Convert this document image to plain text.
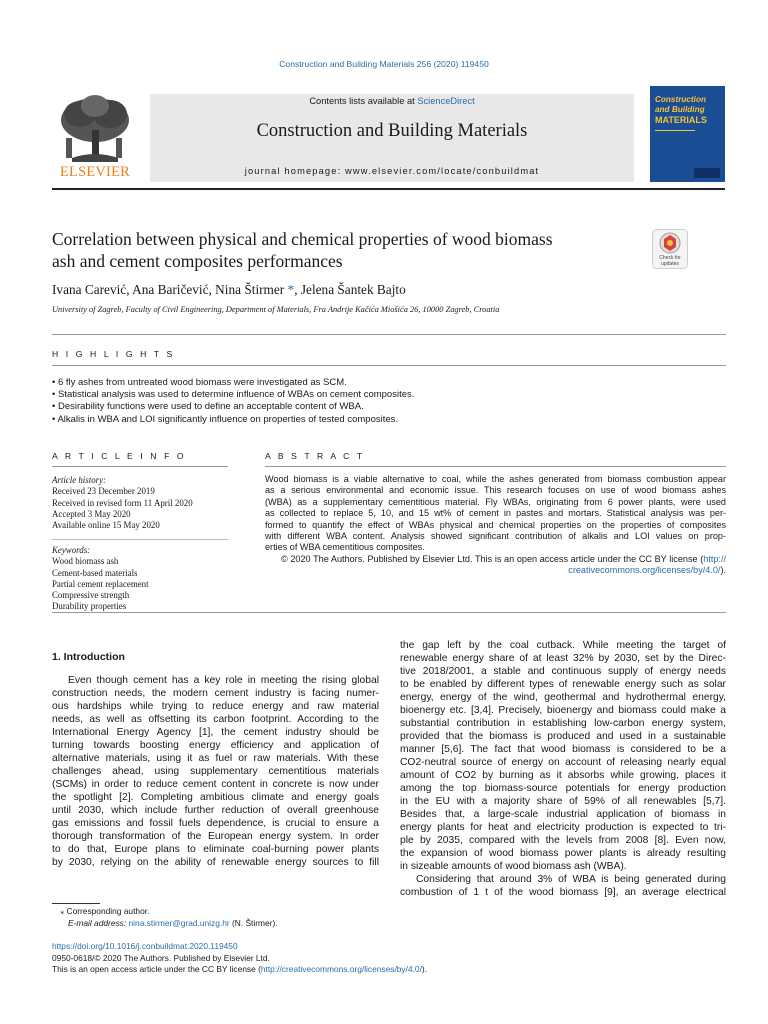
Construction and Building Materials 256 (2020) 119450
ELSEVIER
Contents lists available at ScienceDirect
Construction and Building Materials
journal homepage: www.elsevier.com/locate/conbuildmat
Construction
and Building
MATERIALS
Correlation between physical and chemical properties of wood biomass
ash and cement composites performances	Check for
updates
Ivana Carević, Ana Baričević, Nina Štirmer *, Jelena Šantek Bajto
University of Zagreb, Faculty of Civil Engineering, Department of Materials, Fra Andrije Kačića Miošića 26, 10000 Zagreb, Croatia
H I G H L I G H T S
• 6 fly ashes from untreated wood biomass were investigated as SCM.
• Statistical analysis was used to determine influence of WBAs on cement composites.
• Desirability functions were used to define an acceptable content of WBA.
• Alkalis in WBA and LOI significantly influence on properties of tested composites.
A R T I C L E I N F O	A B S T R A C T
Article history:
Received 23 December 2019
Received in revised form 11 April 2020
Accepted 3 May 2020
Available online 15 May 2020
Keywords:
Wood biomass ash
Cement-based materials
Partial cement replacement
Compressive strength
Durability properties
Wood biomass is a viable alternative to coal, while the ashes generated from biomass combustion appear
as a serious environmental and economic issue. This research focuses on use of wood biomass ashes
(WBA) as a supplementary cementitious material. Fly WBAs, originating from 6 power plants, were used
as collected to replace 5, 10, and 15 wt% of cement in pastes and mortars. Statistical analysis was per-
formed to quantify the effect of WBAs physical and chemical properties on the properties of composites
with different WBA content. Analysis showed significant contribution of alkalis and LOI values on prop-
erties of WBA cementitious composites.
© 2020 The Authors. Published by Elsevier Ltd. This is an open access article under the CC BY license (http://
creativecommons.org/licenses/by/4.0/).
1. Introduction
Even though cement has a key role in meeting the rising global
construction needs, the modern cement industry is facing numer-
ous hardships while trying to reduce energy and raw material
needs, as well as offsetting its carbon footprint. According to the
International Energy Agency [1], the cement industry should be
turning towards boosting energy efficiency and application of
alternative materials, using it as fuel or raw materials. With these
challenges ahead, using supplementary cementitious materials
(SCMs) in order to reduce cement content in concrete is now under
the spotlight [2]. Completing ambitious climate and energy goals
until 2030, which include further reduction of overall greenhouse
gas emissions and fossil fuels dependence, is crucial to ensure a
thorough transformation of the European energy system. In order
to do that, Europe plans to eliminate coal-burning power plants
by 2030, relying on the ability of renewable energy sources to fill
the gap left by the coal cutback. While meeting the target of
renewable energy share of at least 32% by 2030, set by the Direc-
tive 2018/2001, a stable and continuous supply of energy needs
to be enabled by different types of renewable energy such as solar
energy, energy of the wind, geothermal and hydrothermal energy,
bioenergy etc. [3,4]. Precisely, bioenergy and biomass could make a
substantial contribution in establishing low-carbon energy system,
provided that the biomass is produced and used in a sustainable
manner [5,6]. The fact that wood biomass is considered to be a
CO2-neutral source of energy on account of releasing nearly equal
amount of CO2 by burning as it absorbs while growing, places it
among the top biomass-source potentials for energy production
in the EU with a majority share of 59% of all renewables [5,7].
Besides that, a large-scale industrial application of biomass in
energy plants for heat and electricity production is expected to tri-
ple by 2035, compared with the levels from 2008 [8]. Even now,
the expansion of wood biomass power plants is already resulting
in sizeable amounts of wood biomass ash (WBA).
Considering that around 3% of WBA is being generated during
combustion of 1 t of the wood biomass [9], an average electrical
⁎ Corresponding author.
E-mail address: nina.stirmer@grad.unizg.hr (N. Štirmer).
https://doi.org/10.1016/j.conbuildmat.2020.119450
0950-0618/© 2020 The Authors. Published by Elsevier Ltd.
This is an open access article under the CC BY license (http://creativecommons.org/licenses/by/4.0/).
